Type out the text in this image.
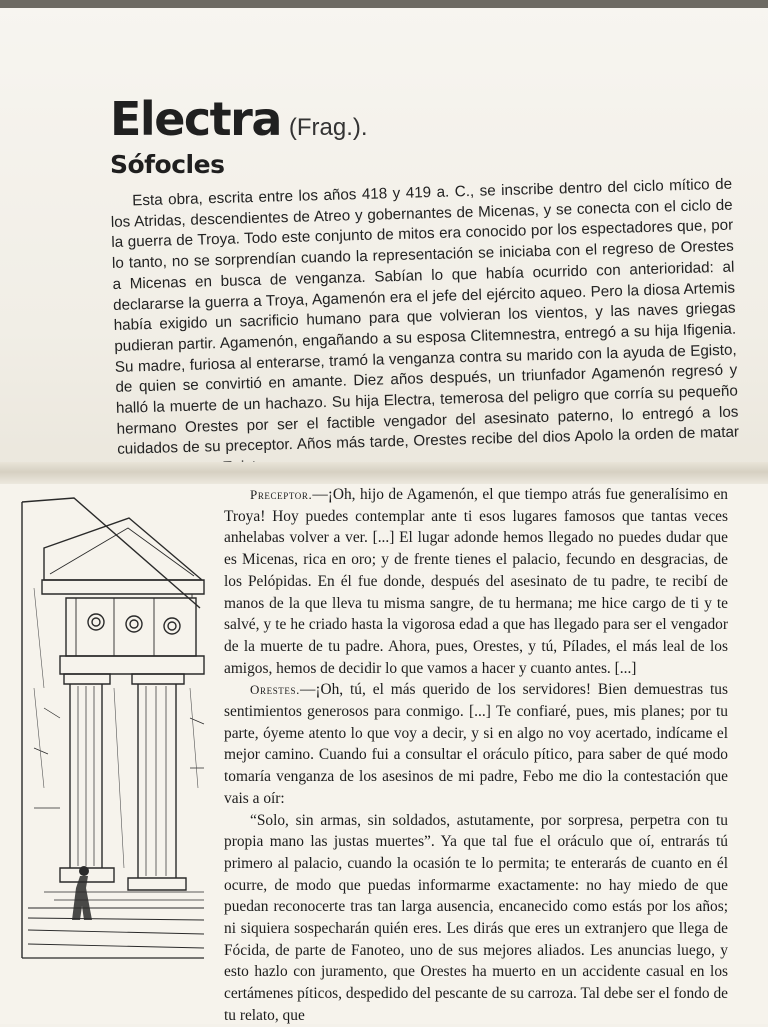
Electra (Frag.).
Sófocles

Esta obra, escrita entre los años 418 y 419 a. C., se inscribe dentro del ciclo mítico de los Atridas, descendientes de Atreo y gobernantes de Micenas, y se conecta con el ciclo de la guerra de Troya. Todo este conjunto de mitos era conocido por los espectadores que, por lo tanto, no se sorprendían cuando la representación se iniciaba con el regreso de Orestes a Micenas en busca de venganza. Sabían lo que había ocurrido con anterioridad: al declararse la guerra a Troya, Agamenón era el jefe del ejército aqueo. Pero la diosa Artemis había exigido un sacrificio humano para que volvieran los vientos, y las naves griegas pudieran partir. Agamenón, engañando a su esposa Clitemnestra, entregó a su hija Ifigenia. Su madre, furiosa al enterarse, tramó la venganza contra su marido con la ayuda de Egisto, de quien se convirtió en amante. Diez años después, un triunfador Agamenón regresó y halló la muerte de un hachazo. Su hija Electra, temerosa del peligro que corría su pequeño hermano Orestes por ser el factible vengador del asesinato paterno, lo entregó a los cuidados de su preceptor. Años más tarde, Orestes recibe del dios Apolo la orden de matar

Preceptor.—¡Oh, hijo de Agamenón, el que tiempo atrás fue generalísimo en Troya! Hoy puedes contemplar ante ti esos lugares famosos que tantas veces anhelabas volver a ver. [...] El lugar adonde hemos llegado no puedes dudar que es Micenas, rica en oro; y de frente tienes el palacio, fecundo en desgracias, de los Pelópidas. En él fue donde, después del asesinato de tu padre, te recibí de manos de la que lleva tu misma sangre, de tu hermana; me hice cargo de ti y te salvé, y te he criado hasta la vigorosa edad a que has llegado para ser el vengador de la muerte de tu padre. Ahora, pues, Orestes, y tú, Pílades, el más leal de los amigos, hemos de decidir lo que vamos a hacer y cuanto antes. [...]

Orestes.—¡Oh, tú, el más querido de los servidores! Bien demuestras tus sentimientos generosos para conmigo. [...] Te confiaré, pues, mis planes; por tu parte, óyeme atento lo que voy a decir, y si en algo no voy acertado, indícame el mejor camino. Cuando fui a consultar el oráculo pítico, para saber de qué modo tomaría venganza de los asesinos de mi padre, Febo me dio la contestación que vais a oír:

“Solo, sin armas, sin soldados, astutamente, por sorpresa, perpetra con tu propia mano las justas muertes”. Ya que tal fue el oráculo que oí, entrarás tú primero al palacio, cuando la ocasión te lo permita; te enterarás de cuanto en él ocurre, de modo que puedas informarme exactamente: no hay miedo de que puedan reconocerte tras tan larga ausencia, encanecido como estás por los años; ni siquiera sospecharán quién eres. Les dirás que eres un extranjero que llega de Fócida, de parte de Fanoteo, uno de sus mejores aliados. Les anuncias luego, y esto hazlo con juramento, que Orestes ha muerto en un accidente casual en los certámenes píticos, despedido del pescante de su carroza. Tal debe ser el fondo de tu relato, que
